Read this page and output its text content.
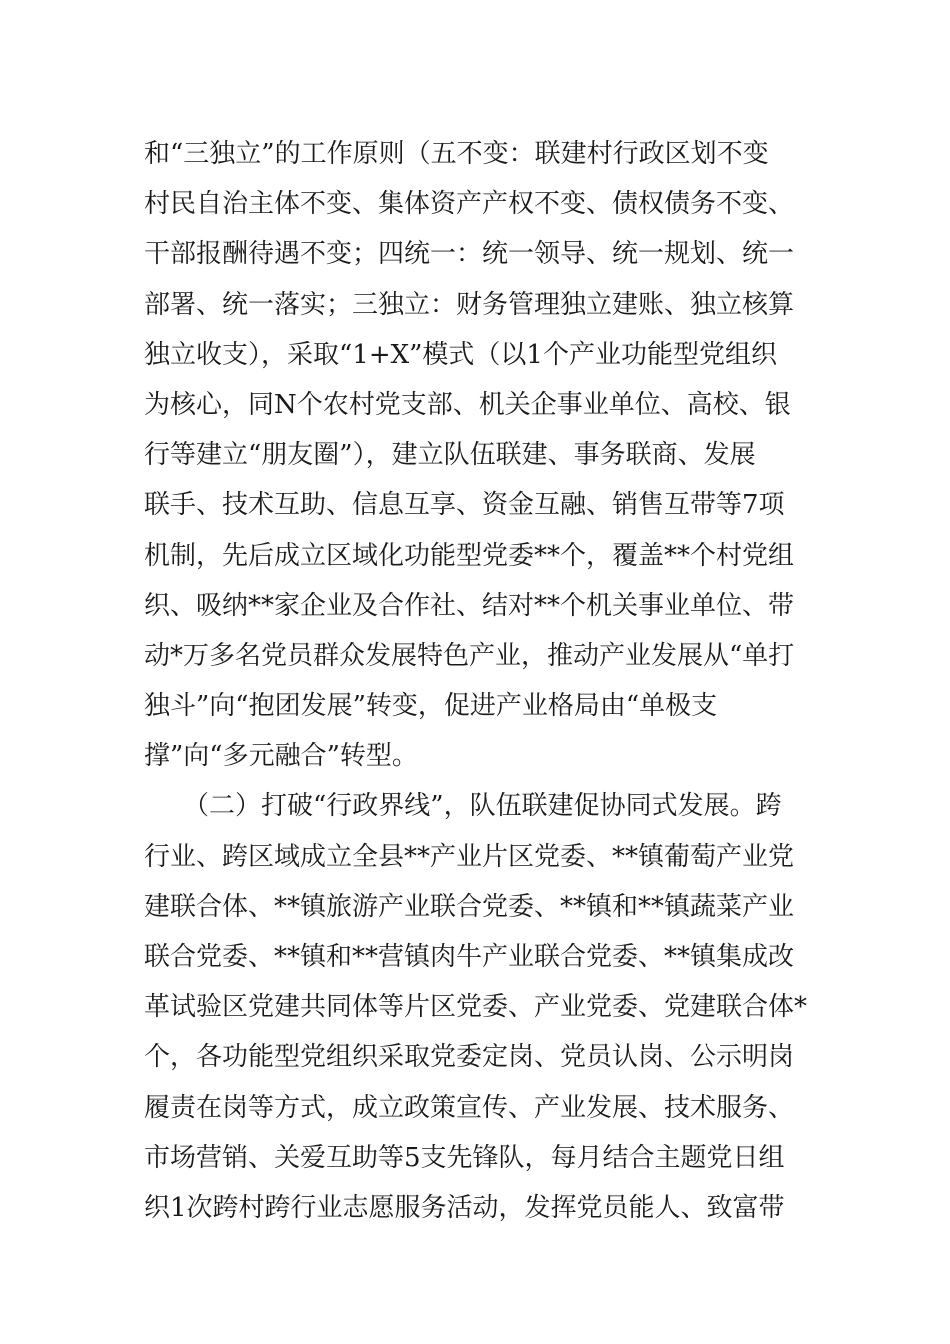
和“三独立”的工作原则（五不变：联建村行政区划不变
村民自治主体不变、集体资产产权不变、债权债务不变、
干部报酬待遇不变；四统一：统一领导、统一规划、统一
部署、统一落实；三独立：财务管理独立建账、独立核算
独立收支），采取“1+X”模式（以1个产业功能型党组织
为核心，同N个农村党支部、机关企事业单位、高校、银
行等建立“朋友圈”），建立队伍联建、事务联商、发展
联手、技术互助、信息互享、资金互融、销售互带等7项
机制，先后成立区域化功能型党委**个，覆盖**个村党组
织、吸纳**家企业及合作社、结对**个机关事业单位、带
动*万多名党员群众发展特色产业，推动产业发展从“单打
独斗”向“抱团发展”转变，促进产业格局由“单极支
撑”向“多元融合”转型。
　　（二）打破“行政界线”，队伍联建促协同式发展。跨
行业、跨区域成立全县**产业片区党委、**镇葡萄产业党
建联合体、**镇旅游产业联合党委、**镇和**镇蔬菜产业
联合党委、**镇和**营镇肉牛产业联合党委、**镇集成改
革试验区党建共同体等片区党委、产业党委、党建联合体*
个，各功能型党组织采取党委定岗、党员认岗、公示明岗
履责在岗等方式，成立政策宣传、产业发展、技术服务、
市场营销、关爱互助等5支先锋队，每月结合主题党日组
织1次跨村跨行业志愿服务活动，发挥党员能人、致富带
